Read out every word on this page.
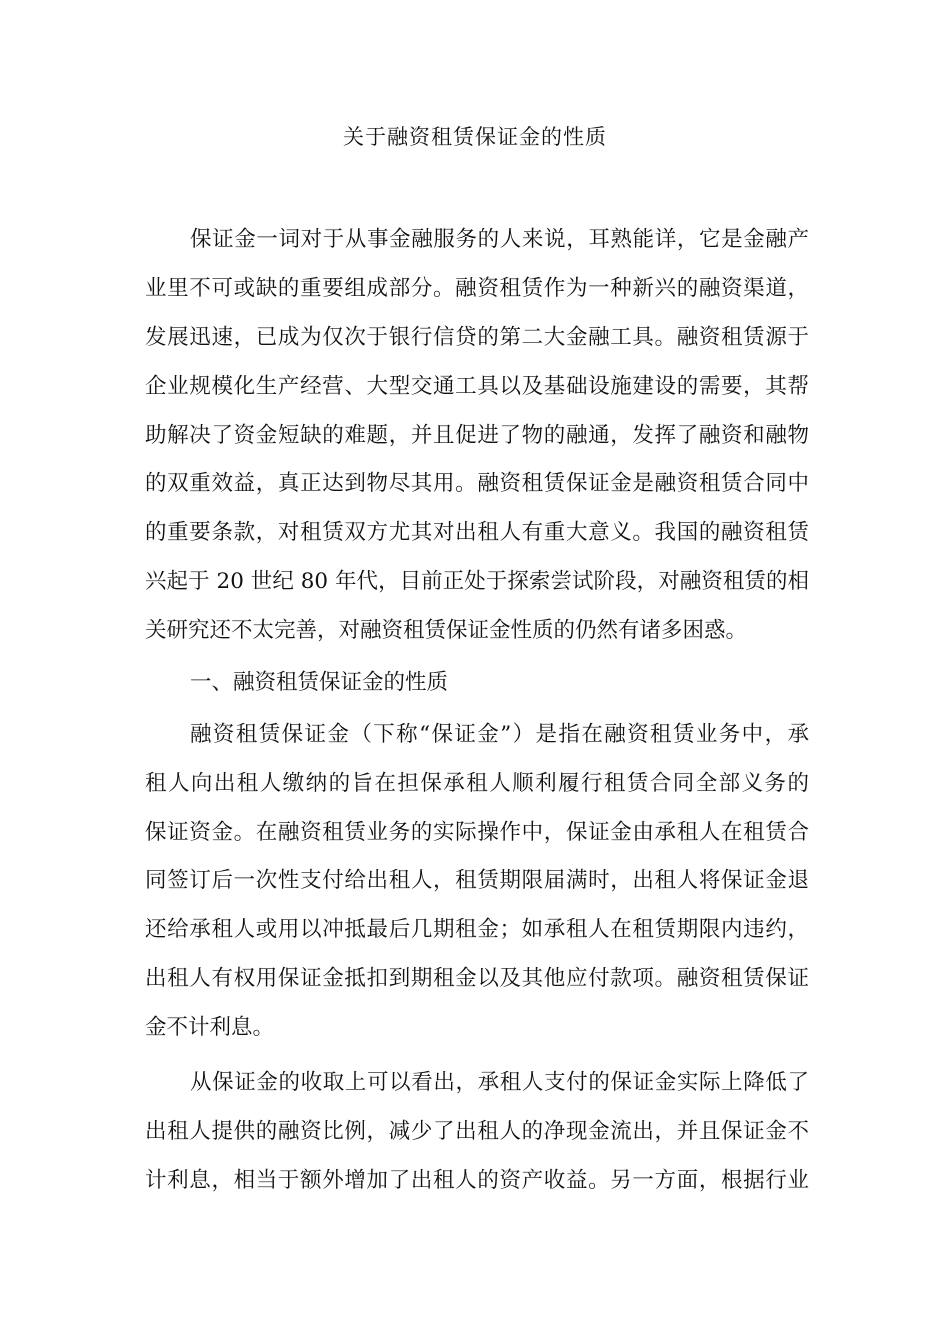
关于融资租赁保证金的性质
保证金一词对于从事金融服务的人来说，耳熟能详，它是金融产
业里不可或缺的重要组成部分。融资租赁作为一种新兴的融资渠道，
发展迅速，已成为仅次于银行信贷的第二大金融工具。融资租赁源于
企业规模化生产经营、大型交通工具以及基础设施建设的需要，其帮
助解决了资金短缺的难题，并且促进了物的融通，发挥了融资和融物
的双重效益，真正达到物尽其用。融资租赁保证金是融资租赁合同中
的重要条款，对租赁双方尤其对出租人有重大意义。我国的融资租赁
兴起于 20 世纪 80 年代，目前正处于探索尝试阶段，对融资租赁的相
关研究还不太完善，对融资租赁保证金性质的仍然有诸多困惑。
一、融资租赁保证金的性质
融资租赁保证金（下称“保证金”）是指在融资租赁业务中，承
租人向出租人缴纳的旨在担保承租人顺利履行租赁合同全部义务的
保证资金。在融资租赁业务的实际操作中，保证金由承租人在租赁合
同签订后一次性支付给出租人，租赁期限届满时，出租人将保证金退
还给承租人或用以冲抵最后几期租金；如承租人在租赁期限内违约，
出租人有权用保证金抵扣到期租金以及其他应付款项。融资租赁保证
金不计利息。
从保证金的收取上可以看出，承租人支付的保证金实际上降低了
出租人提供的融资比例，减少了出租人的净现金流出，并且保证金不
计利息，相当于额外增加了出租人的资产收益。另一方面，根据行业
